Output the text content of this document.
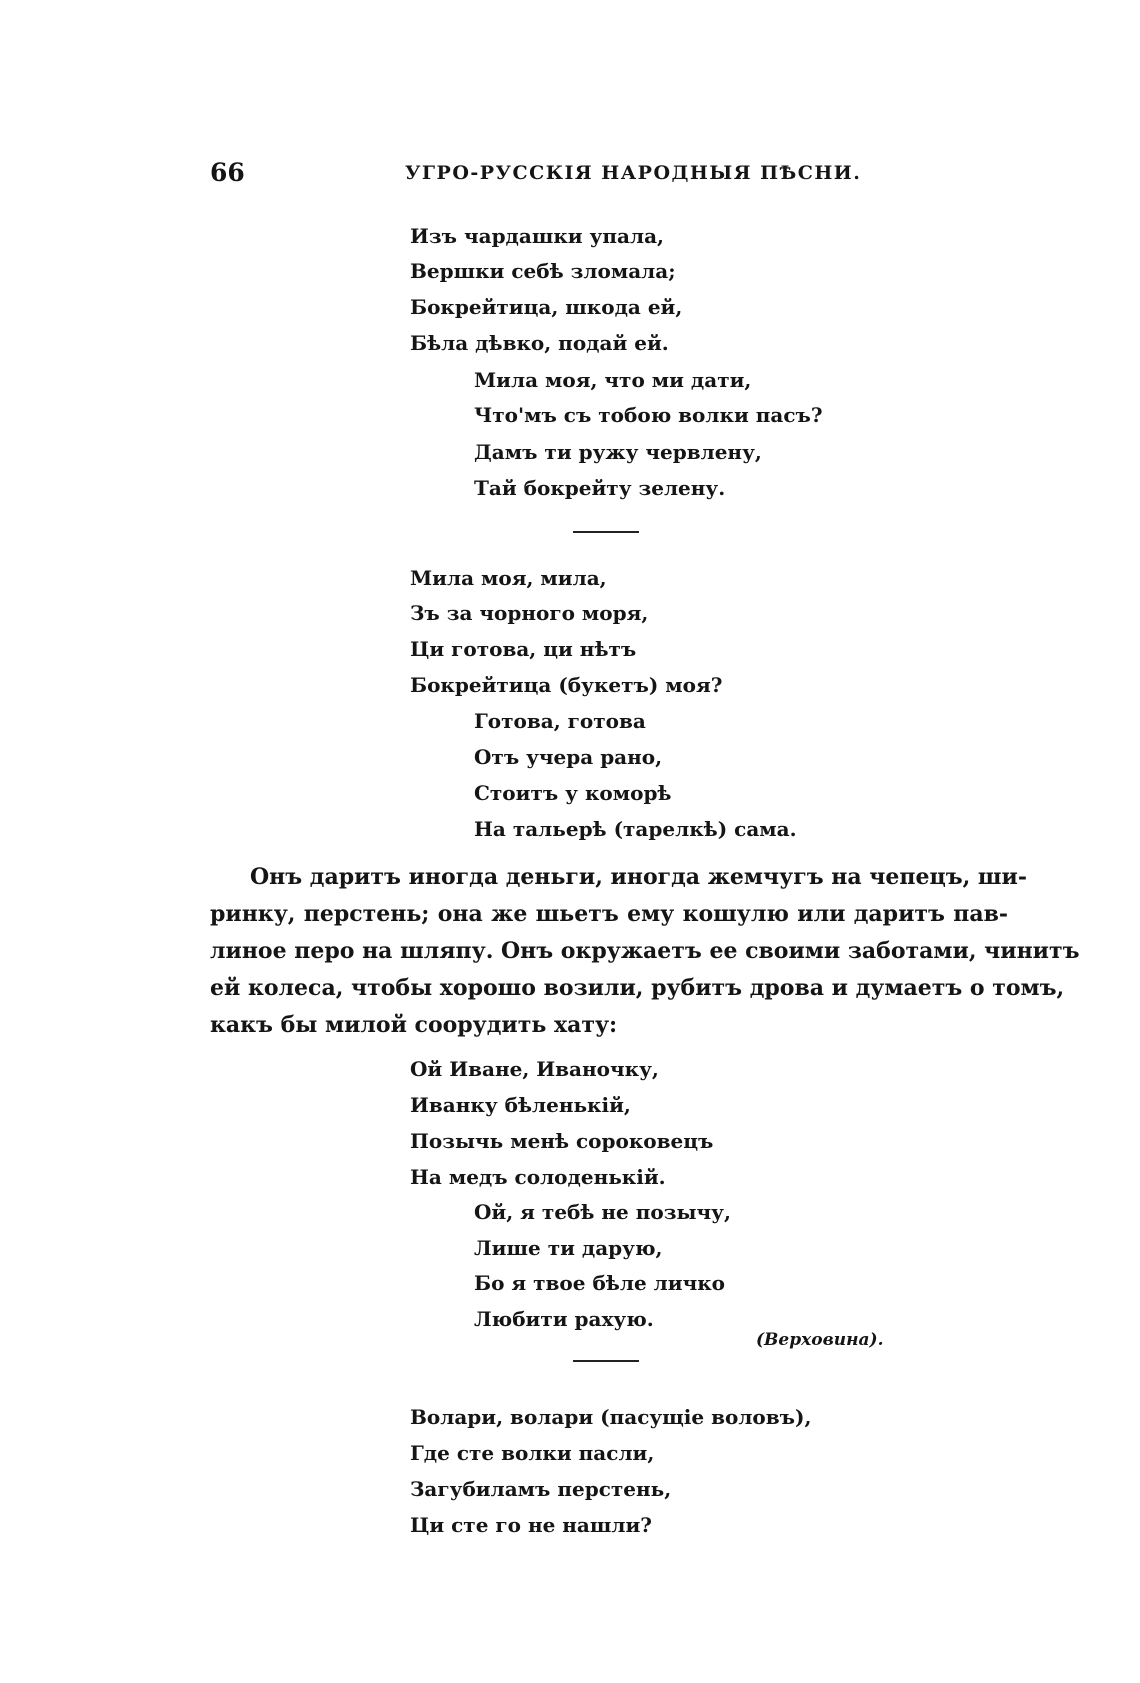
66	УГРО-РУССКІЯ НАРОДНЫЯ ПѢСНИ.
Изъ чардашки упала,
Вершки себѣ зломала;
Бокрейтица, шкода ей,
Бѣла дѣвко, подай ей.
Мила моя, что ми дати,
Что'мъ съ тобою волки пасъ?
Дамъ ти ружу червлену,
Тай бокрейту зелену.
Мила моя, мила,
Зъ за чорного моря,
Ци готова, ци нѣтъ
Бокрейтица (букетъ) моя?
Готова, готова
Отъ учера рано,
Стоитъ у коморѣ
На тальерѣ (тарелкѣ) сама.
Онъ даритъ иногда деньги, иногда жемчугъ на чепецъ, ши-
ринку, перстень; она же шьетъ ему кошулю или даритъ пав-
линое перо на шляпу. Онъ окружаетъ ее своими заботами, чинитъ
ей колеса, чтобы хорошо возили, рубитъ дрова и думаетъ о томъ,
какъ бы милой соорудить хату:
Ой Иване, Иваночку,
Иванку бѣленькій,
Позычь менѣ сороковецъ
На медъ солоденькій.
Ой, я тебѣ не позычу,
Лише ти дарую,
Бо я твое бѣле личко
Любити рахую.
(Верховина).
Волари, волари (пасущіе воловъ),
Где сте волки пасли,
Загубиламъ перстень,
Ци сте го не нашли?
